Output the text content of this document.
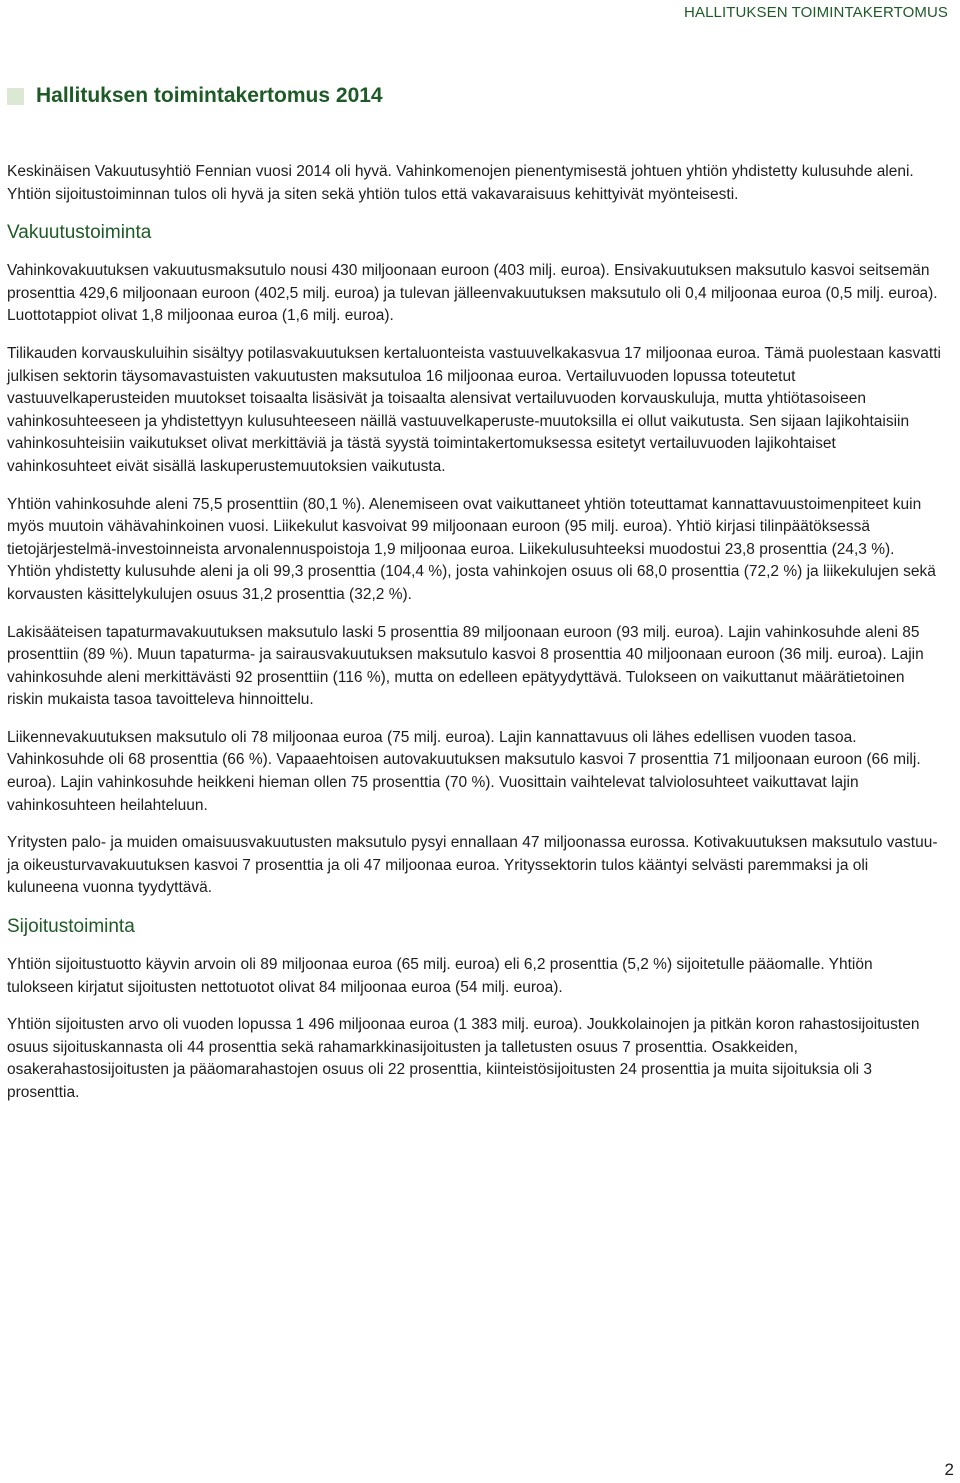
HALLITUKSEN TOIMINTAKERTOMUS
Hallituksen toimintakertomus 2014

Keskinäisen Vakuutusyhtiö Fennian vuosi 2014 oli hyvä. Vahinkomenojen pienentymisestä johtuen yhtiön yhdistetty kulusuhde aleni. Yhtiön sijoitustoiminnan tulos oli hyvä ja siten sekä yhtiön tulos että vakavaraisuus kehittyivät myönteisesti.

Vakuutustoiminta

Vahinkovakuutuksen vakuutusmaksutulo nousi 430 miljoonaan euroon (403 milj. euroa). Ensivakuutuksen maksutulo kasvoi seitsemän prosenttia 429,6 miljoonaan euroon (402,5 milj. euroa) ja tulevan jälleenvakuutuksen maksutulo oli 0,4 miljoonaa euroa (0,5 milj. euroa). Luottotappiot olivat 1,8 miljoonaa euroa (1,6 milj. euroa).

Tilikauden korvauskuluihin sisältyy potilasvakuutuksen kertaluonteista vastuuvelkakasvua 17 miljoonaa euroa. Tämä puolestaan kasvatti julkisen sektorin täysomavastuisten vakuutusten maksutuloa 16 miljoonaa euroa. Vertailuvuoden lopussa toteutetut vastuuvelkaperusteiden muutokset toisaalta lisäsivät ja toisaalta alensivat vertailuvuoden korvauskuluja, mutta yhtiötasoiseen vahinkosuhteeseen ja yhdistettyyn kulusuhteeseen näillä vastuuvelkaperuste-muutoksilla ei ollut vaikutusta. Sen sijaan lajikohtaisiin vahinkosuhteisiin vaikutukset olivat merkittäviä ja tästä syystä toimintakertomuksessa esitetyt vertailuvuoden lajikohtaiset vahinkosuhteet eivät sisällä laskuperustemuutoksien vaikutusta.

Yhtiön vahinkosuhde aleni 75,5 prosenttiin (80,1 %). Alenemiseen ovat vaikuttaneet yhtiön toteuttamat kannattavuustoimenpiteet kuin myös muutoin vähävahinkoinen vuosi. Liikekulut kasvoivat 99 miljoonaan euroon (95 milj. euroa). Yhtiö kirjasi tilinpäätöksessä tietojärjestelmä-investoinneista arvonalennuspoistoja 1,9 miljoonaa euroa. Liikekulusuhteeksi muodostui 23,8 prosenttia (24,3 %). Yhtiön yhdistetty kulusuhde aleni ja oli 99,3 prosenttia (104,4 %), josta vahinkojen osuus oli 68,0 prosenttia (72,2 %) ja liikekulujen sekä korvausten käsittelykulujen osuus 31,2 prosenttia (32,2 %).

Lakisääteisen tapaturmavakuutuksen maksutulo laski 5 prosenttia 89 miljoonaan euroon (93 milj. euroa). Lajin vahinkosuhde aleni 85 prosenttiin (89 %). Muun tapaturma- ja sairausvakuutuksen maksutulo kasvoi 8 prosenttia 40 miljoonaan euroon (36 milj. euroa). Lajin vahinkosuhde aleni merkittävästi 92 prosenttiin (116 %), mutta on edelleen epätyydyttävä. Tulokseen on vaikuttanut määrätietoinen riskin mukaista tasoa tavoitteleva hinnoittelu.

Liikennevakuutuksen maksutulo oli 78 miljoonaa euroa (75 milj. euroa). Lajin kannattavuus oli lähes edellisen vuoden tasoa. Vahinkosuhde oli 68 prosenttia (66 %). Vapaaehtoisen autovakuutuksen maksutulo kasvoi 7 prosenttia 71 miljoonaan euroon (66 milj. euroa). Lajin vahinkosuhde heikkeni hieman ollen 75 prosenttia (70 %). Vuosittain vaihtelevat talviolosuhteet vaikuttavat lajin vahinkosuhteen heilahteluun.

Yritysten palo- ja muiden omaisuusvakuutusten maksutulo pysyi ennallaan 47 miljoonassa eurossa. Kotivakuutuksen maksutulo vastuu- ja oikeusturvavakuutuksen kasvoi 7 prosenttia ja oli 47 miljoonaa euroa. Yrityssektorin tulos kääntyi selvästi paremmaksi ja oli kuluneena vuonna tyydyttävä.

Sijoitustoiminta

Yhtiön sijoitustuotto käyvin arvoin oli 89 miljoonaa euroa (65 milj. euroa) eli 6,2 prosenttia (5,2 %) sijoitetulle pääomalle. Yhtiön tulokseen kirjatut sijoitusten nettotuotot olivat 84 miljoonaa euroa (54 milj. euroa).

Yhtiön sijoitusten arvo oli vuoden lopussa 1 496 miljoonaa euroa (1 383 milj. euroa). Joukkolainojen ja pitkän koron rahastosijoitusten osuus sijoituskannasta oli 44 prosenttia sekä rahamarkkinasijoitusten ja talletusten osuus 7 prosenttia. Osakkeiden, osakerahastosijoitusten ja pääomarahastojen osuus oli 22 prosenttia, kiinteistösijoitusten 24 prosenttia ja muita sijoituksia oli 3 prosenttia.

2
